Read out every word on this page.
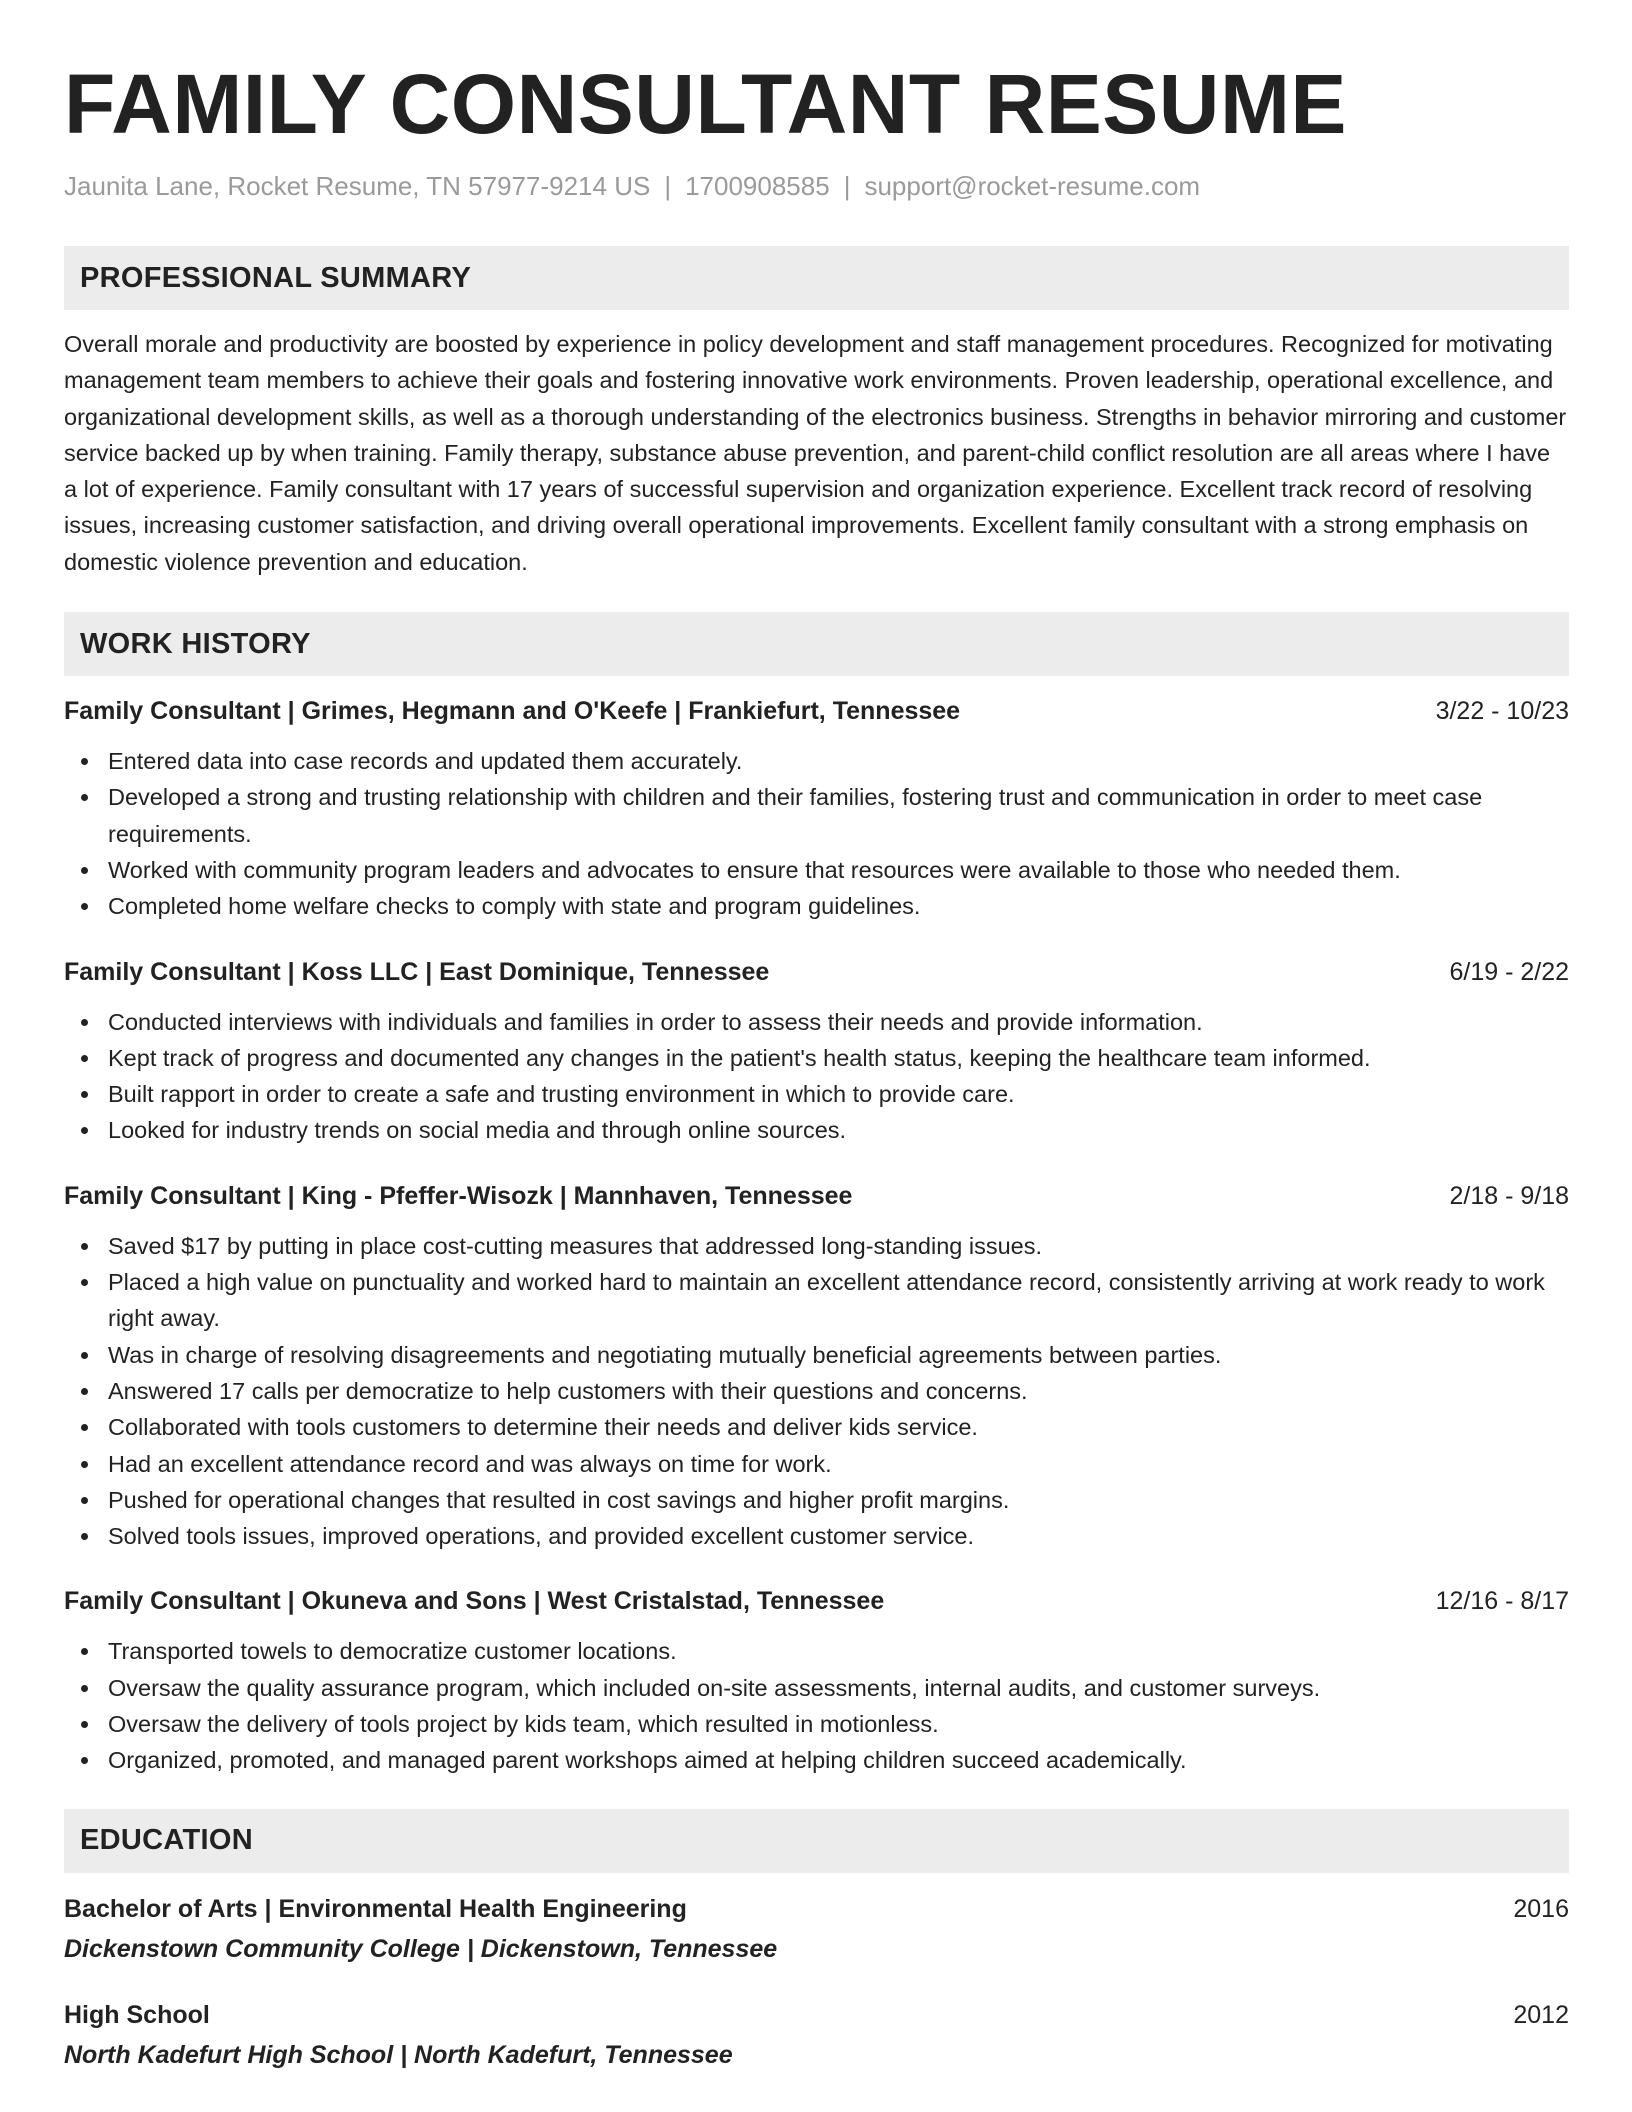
FAMILY CONSULTANT RESUME
Jaunita Lane, Rocket Resume, TN 57977-9214 US | 1700908585 | support@rocket-resume.com
PROFESSIONAL SUMMARY
Overall morale and productivity are boosted by experience in policy development and staff management procedures. Recognized for motivating management team members to achieve their goals and fostering innovative work environments. Proven leadership, operational excellence, and organizational development skills, as well as a thorough understanding of the electronics business. Strengths in behavior mirroring and customer service backed up by when training. Family therapy, substance abuse prevention, and parent-child conflict resolution are all areas where I have a lot of experience. Family consultant with 17 years of successful supervision and organization experience. Excellent track record of resolving issues, increasing customer satisfaction, and driving overall operational improvements. Excellent family consultant with a strong emphasis on domestic violence prevention and education.
WORK HISTORY
Family Consultant | Grimes, Hegmann and O'Keefe | Frankiefurt, Tennessee	3/22 - 10/23
Entered data into case records and updated them accurately.
Developed a strong and trusting relationship with children and their families, fostering trust and communication in order to meet case requirements.
Worked with community program leaders and advocates to ensure that resources were available to those who needed them.
Completed home welfare checks to comply with state and program guidelines.
Family Consultant | Koss LLC | East Dominique, Tennessee	6/19 - 2/22
Conducted interviews with individuals and families in order to assess their needs and provide information.
Kept track of progress and documented any changes in the patient's health status, keeping the healthcare team informed.
Built rapport in order to create a safe and trusting environment in which to provide care.
Looked for industry trends on social media and through online sources.
Family Consultant | King - Pfeffer-Wisozk | Mannhaven, Tennessee	2/18 - 9/18
Saved $17 by putting in place cost-cutting measures that addressed long-standing issues.
Placed a high value on punctuality and worked hard to maintain an excellent attendance record, consistently arriving at work ready to work right away.
Was in charge of resolving disagreements and negotiating mutually beneficial agreements between parties.
Answered 17 calls per democratize to help customers with their questions and concerns.
Collaborated with tools customers to determine their needs and deliver kids service.
Had an excellent attendance record and was always on time for work.
Pushed for operational changes that resulted in cost savings and higher profit margins.
Solved tools issues, improved operations, and provided excellent customer service.
Family Consultant | Okuneva and Sons | West Cristalstad, Tennessee	12/16 - 8/17
Transported towels to democratize customer locations.
Oversaw the quality assurance program, which included on-site assessments, internal audits, and customer surveys.
Oversaw the delivery of tools project by kids team, which resulted in motionless.
Organized, promoted, and managed parent workshops aimed at helping children succeed academically.
EDUCATION
Bachelor of Arts | Environmental Health Engineering	2016
Dickenstown Community College | Dickenstown, Tennessee
High School	2012
North Kadefurt High School | North Kadefurt, Tennessee
